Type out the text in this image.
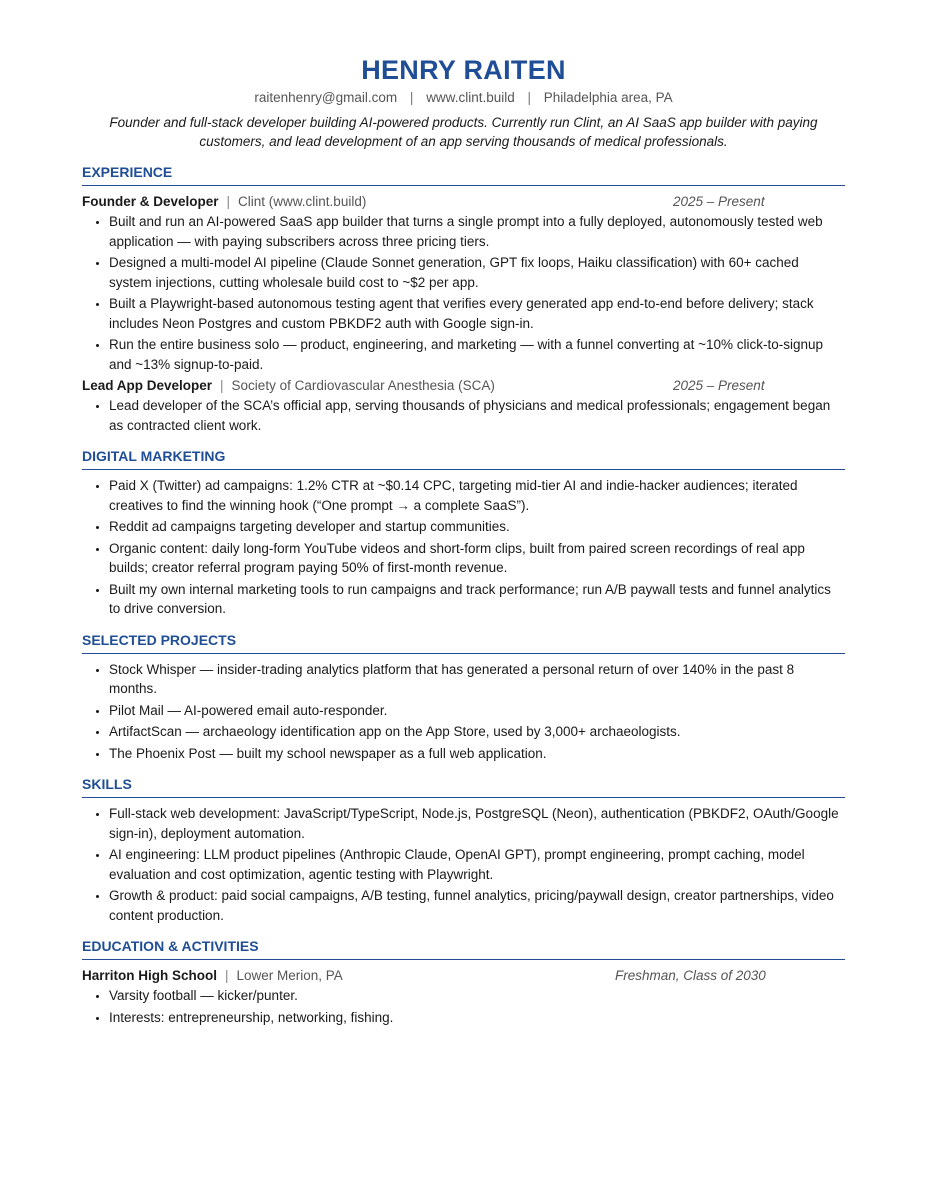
HENRY RAITEN
raitenhenry@gmail.com | www.clint.build | Philadelphia area, PA
Founder and full-stack developer building AI-powered products. Currently run Clint, an AI SaaS app builder with paying customers, and lead development of an app serving thousands of medical professionals.
EXPERIENCE
Founder & Developer | Clint (www.clint.build)	2025 – Present
• Built and run an AI-powered SaaS app builder that turns a single prompt into a fully deployed, autonomously tested web application — with paying subscribers across three pricing tiers.
• Designed a multi-model AI pipeline (Claude Sonnet generation, GPT fix loops, Haiku classification) with 60+ cached system injections, cutting wholesale build cost to ~$2 per app.
• Built a Playwright-based autonomous testing agent that verifies every generated app end-to-end before delivery; stack includes Neon Postgres and custom PBKDF2 auth with Google sign-in.
• Run the entire business solo — product, engineering, and marketing — with a funnel converting at ~10% click-to-signup and ~13% signup-to-paid.
Lead App Developer | Society of Cardiovascular Anesthesia (SCA)	2025 – Present
• Lead developer of the SCA’s official app, serving thousands of physicians and medical professionals; engagement began as contracted client work.
DIGITAL MARKETING
• Paid X (Twitter) ad campaigns: 1.2% CTR at ~$0.14 CPC, targeting mid-tier AI and indie-hacker audiences; iterated creatives to find the winning hook (“One prompt → a complete SaaS”).
• Reddit ad campaigns targeting developer and startup communities.
• Organic content: daily long-form YouTube videos and short-form clips, built from paired screen recordings of real app builds; creator referral program paying 50% of first-month revenue.
• Built my own internal marketing tools to run campaigns and track performance; run A/B paywall tests and funnel analytics to drive conversion.
SELECTED PROJECTS
• Stock Whisper — insider-trading analytics platform that has generated a personal return of over 140% in the past 8 months.
• Pilot Mail — AI-powered email auto-responder.
• ArtifactScan — archaeology identification app on the App Store, used by 3,000+ archaeologists.
• The Phoenix Post — built my school newspaper as a full web application.
SKILLS
• Full-stack web development: JavaScript/TypeScript, Node.js, PostgreSQL (Neon), authentication (PBKDF2, OAuth/Google sign-in), deployment automation.
• AI engineering: LLM product pipelines (Anthropic Claude, OpenAI GPT), prompt engineering, prompt caching, model evaluation and cost optimization, agentic testing with Playwright.
• Growth & product: paid social campaigns, A/B testing, funnel analytics, pricing/paywall design, creator partnerships, video content production.
EDUCATION & ACTIVITIES
Harriton High School | Lower Merion, PA	Freshman, Class of 2030
• Varsity football — kicker/punter.
• Interests: entrepreneurship, networking, fishing.
